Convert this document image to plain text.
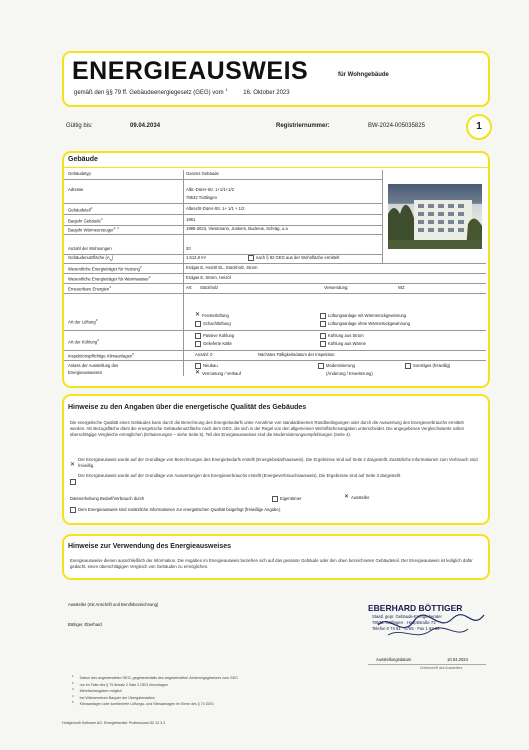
ENERGIEAUSWEIS	für Wohngebäude
gemäß den §§ 79 ff. Gebäudeenergiegesetz (GEG) vom $^1$ 16. Oktober 2023
Gültig bis:	09.04.2034	Registriernummer:	BW-2024-005035825	1
Gebäude
Gebäudetyp	Ganzes Gebäude
Adresse	Albr.-Dürer-Str. 1+1/1+1/2
78532 Tuttlingen
Gebäudeteil$^2$	Albrecht-Dürer-Str. 1+ 1/1 + 1/2
Baujahr Gebäude$^3$	1961
Baujahr Wärmeerzeuger$^{3, 4}$	1995-2023, Viessmann, Junkers, Buderus, Schräg, u.a
Anzahl der Wohnungen	20
Gebäudenutzfläche $(A_N)$	1.512,8 m²	nach § 82 GEG aus der Wohnfläche ermittelt
Wesentliche Energieträger für Heizung$^3$	Erdgas E, Heizöl EL, Stückholz, Strom
Wesentliche Energieträger für Warmwasser$^3$	Erdgas E, Strom, Heizöl
Erneuerbare Energien$^3$	Art: Stückholz	Verwendung:	WZ
Art der Lüftung$^3$
✕ Fensterlüftung	Lüftungsanlage mit Wärmerückgewinnung
Schachtlüftung	Lüftungsanlage ohne Wärmerückgewinnung
Art der Kühlung$^3$
Passive Kühlung	Kühlung aus Strom
Gelieferte Kälte	Kühlung aus Wärme
Inspektionspflichtige Klimaanlagen$^5$	Anzahl: 0	Nächstes Fälligkeitsdatum der Inspektion:
Anlass der Ausstellung des
Energieausweises
Neubau	Modernisierung	Sonstiges (freiwillig)
✕ Vermietung / Verkauf	(Änderung / Erweiterung)
Hinweise zu den Angaben über die energetische Qualität des Gebäudes
Die energetische Qualität eines Gebäudes kann durch die Berechnung des Energiebedarfs unter Annahme von standardisierten Randbedingungen oder durch die Auswertung des Energieverbrauchs ermittelt werden. Als Bezugsfläche dient die energetische Gebäudenutzfläche nach dem GEG, die sich in der Regel von den allgemeinen Wohnflächenangaben unterscheidet. Die angegebenen Vergleichswerte sollen überschlägige Vergleiche ermöglichen (Erläuterungen – siehe Seite 5). Teil des Energieausweises sind die Modernisierungsempfehlungen (Seite 4).
✕
Der Energieausweis wurde auf der Grundlage von Berechnungen des Energiebedarfs erstellt (Energiebedarfsausweis). Die Ergebnisse sind auf Seite 2 dargestellt. Zusätzliche Informationen zum Verbrauch sind freiwillig.
Der Energieausweis wurde auf der Grundlage von Auswertungen des Energieverbrauchs erstellt (Energieverbrauchsausweis). Die Ergebnisse sind auf Seite 3 dargestellt.
Datenerhebung Bedarf/Verbrauch durch	Eigentümer	✕ Aussteller
Dem Energieausweis sind zusätzliche Informationen zur energetischen Qualität beigefügt (freiwillige Angabe).
Hinweise zur Verwendung des Energieausweises
Energieausweise dienen ausschließlich der Information. Die Angaben im Energieausweis beziehen sich auf das gesamte Gebäude oder den oben bezeichneten Gebäudeteil. Der Energieausweis ist lediglich dafür gedacht, einen überschlägigen Vergleich von Gebäuden zu ermöglichen.
Aussteller (mit Anschrift und Berufsbezeichnung)
Böttiger, Eberhard
EBERHARD BÖTTIGER
Staatl. gepr. Gebäude-Energieberater
78532 Tuttlingen · Hauptstraße 73
Telefon 0 74 61 · 5755 · Fax 1 63 26
Ausstellungsdatum	10.04.2024
Unterschrift des Ausstellers
$^1$Datum des angewendeten GEG, gegebenenfalls des angewendeten Änderungsgesetzes zum GEG
$^2$nur im Falle des § 79 Absatz 2 Satz 2 GEG einzutragen
$^3$Mehrfachangaben möglich
$^4$bei Wärmenetzen Baujahr der Übergabestation
$^5$Klimaanlagen oder kombinierte Lüftungs- und Klimaanlagen im Sinne des § 74 GEG
Hottgenroth Software AG, Energieberater Professional 3D 12.3.3
